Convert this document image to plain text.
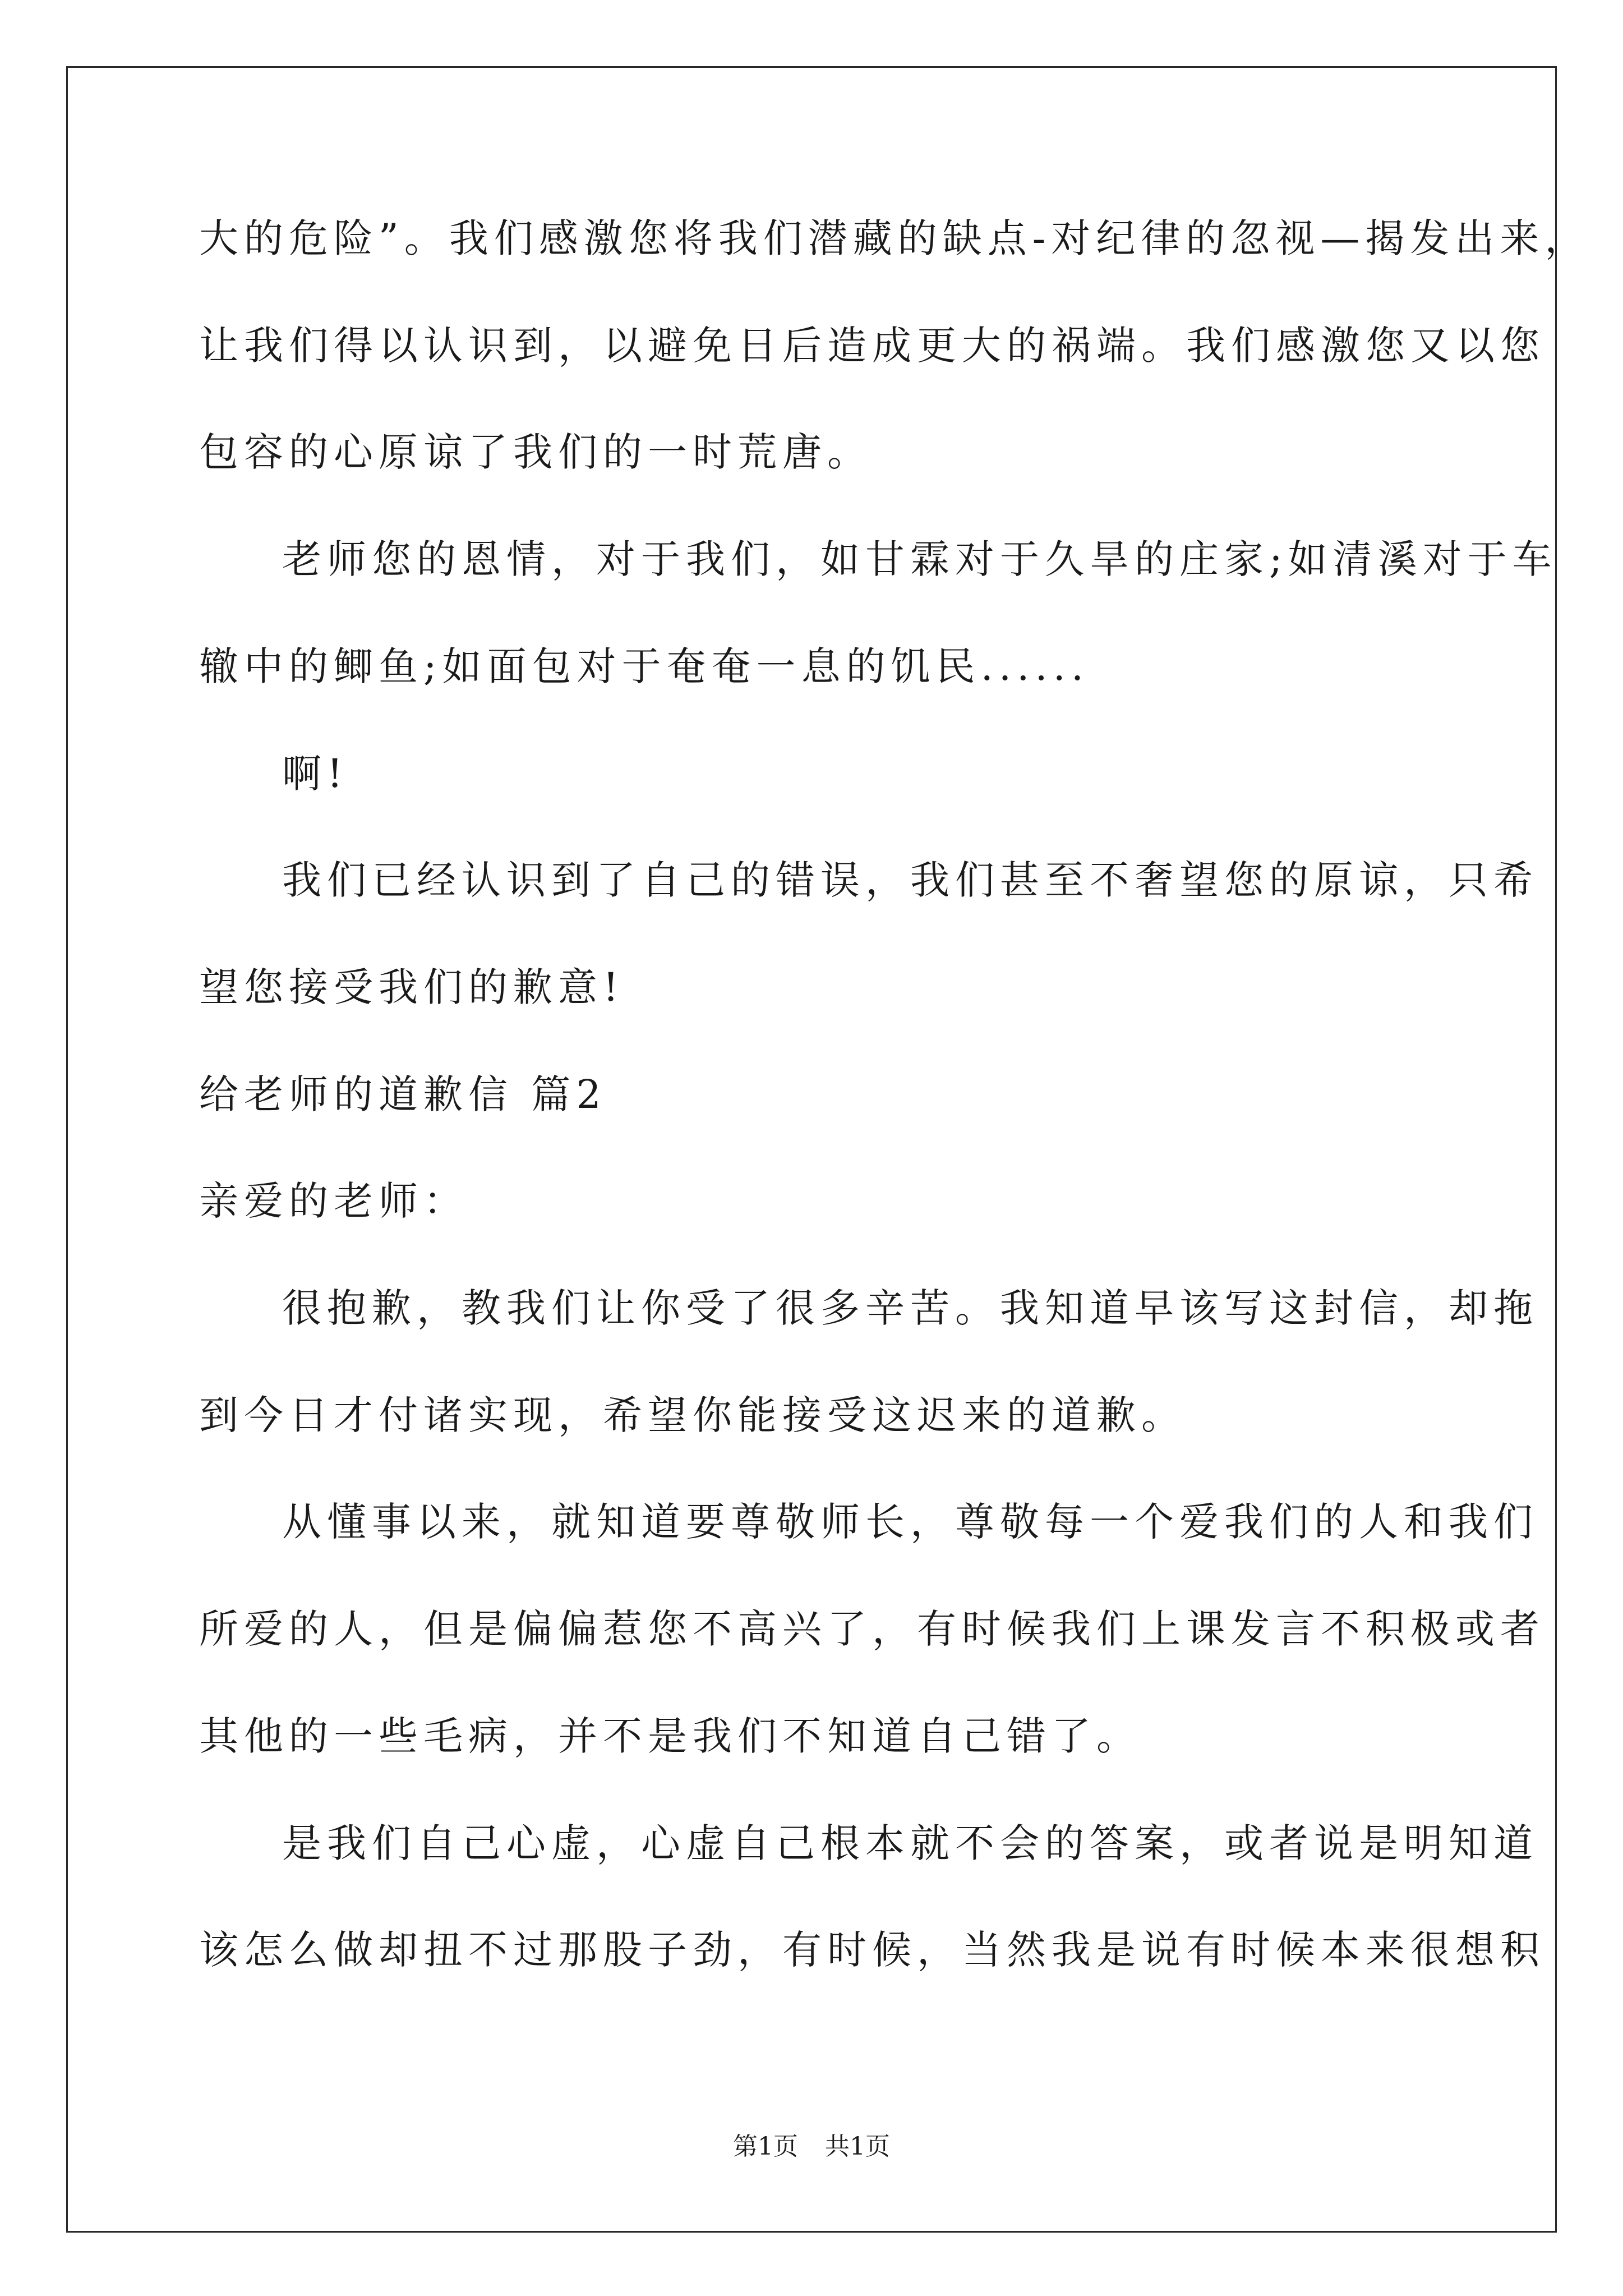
大的危险”。我们感激您将我们潜藏的缺点-对纪律的忽视—揭发出来，
让我们得以认识到，以避免日后造成更大的祸端。我们感激您又以您
包容的心原谅了我们的一时荒唐。
老师您的恩情，对于我们，如甘霖对于久旱的庄家;如清溪对于车
辙中的鲫鱼;如面包对于奄奄一息的饥民......
啊!
我们已经认识到了自己的错误，我们甚至不奢望您的原谅，只希
望您接受我们的歉意!
给老师的道歉信 篇2
亲爱的老师：
很抱歉，教我们让你受了很多辛苦。我知道早该写这封信，却拖
到今日才付诸实现，希望你能接受这迟来的道歉。
从懂事以来，就知道要尊敬师长，尊敬每一个爱我们的人和我们
所爱的人，但是偏偏惹您不高兴了，有时候我们上课发言不积极或者
其他的一些毛病，并不是我们不知道自己错了。
是我们自己心虚，心虚自己根本就不会的答案，或者说是明知道
该怎么做却扭不过那股子劲，有时候，当然我是说有时候本来很想积
第1页 共1页
